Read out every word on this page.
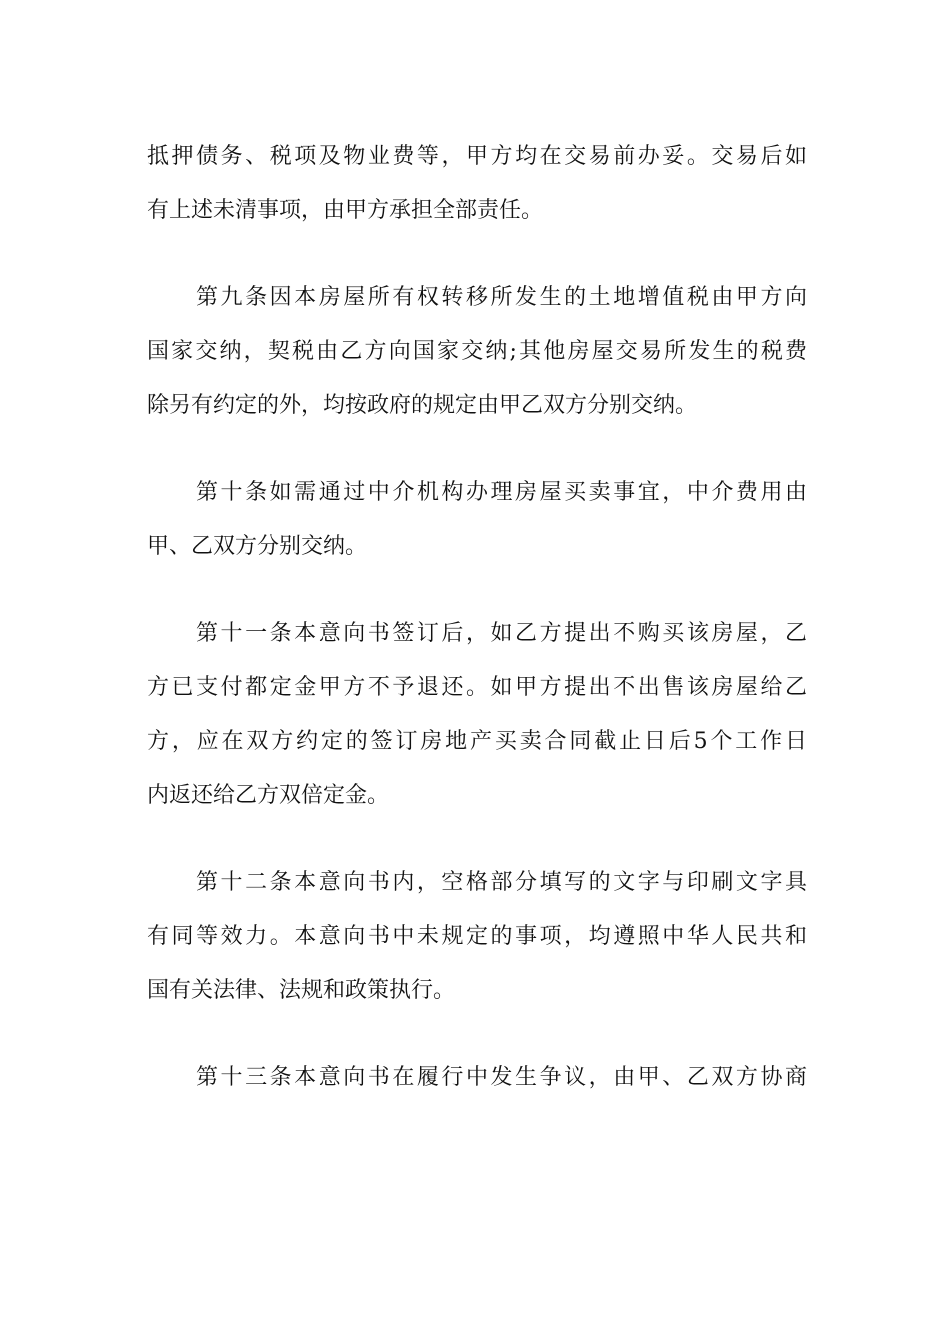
抵押债务、税项及物业费等，甲方均在交易前办妥。交易后如

有上述未清事项，由甲方承担全部责任。

第九条因本房屋所有权转移所发生的土地增值税由甲方向

国家交纳，契税由乙方向国家交纳;其他房屋交易所发生的税费

除另有约定的外，均按政府的规定由甲乙双方分别交纳。

第十条如需通过中介机构办理房屋买卖事宜，中介费用由

甲、乙双方分别交纳。

第十一条本意向书签订后，如乙方提出不购买该房屋，乙

方已支付都定金甲方不予退还。如甲方提出不出售该房屋给乙

方，应在双方约定的签订房地产买卖合同截止日后5个工作日

内返还给乙方双倍定金。

第十二条本意向书内，空格部分填写的文字与印刷文字具

有同等效力。本意向书中未规定的事项，均遵照中华人民共和

国有关法律、法规和政策执行。

第十三条本意向书在履行中发生争议，由甲、乙双方协商
